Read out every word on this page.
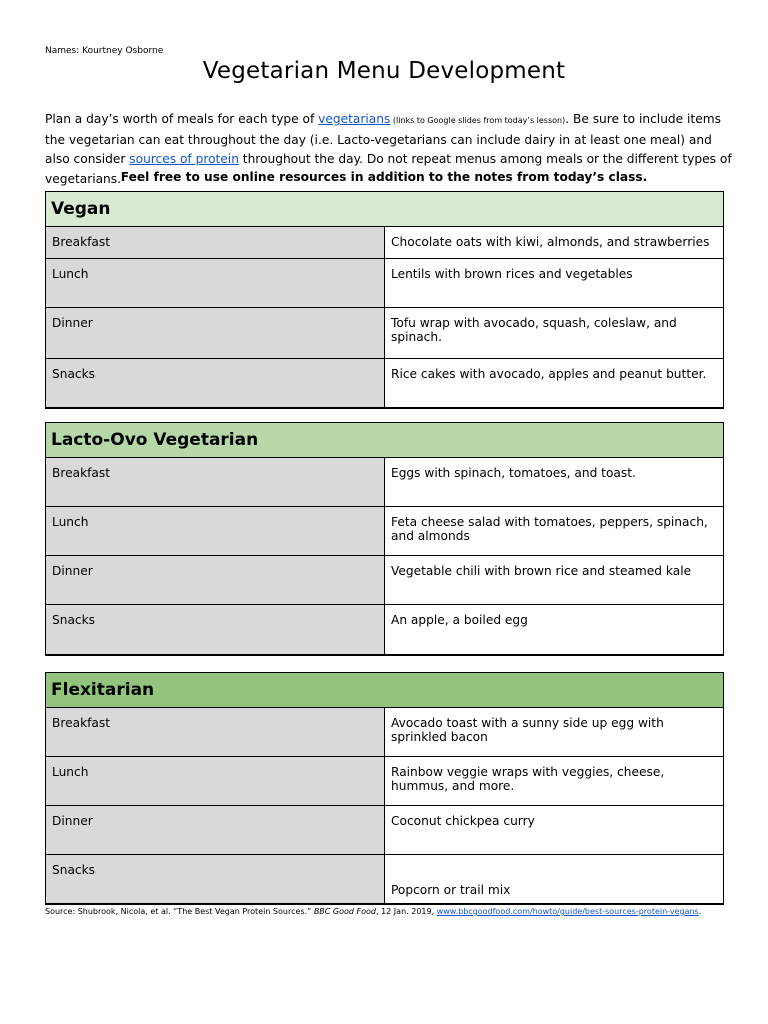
Names: Kourtney Osborne
Vegetarian Menu Development
Plan a day’s worth of meals for each type of vegetarians (links to Google slides from today’s lesson). Be sure to include items the vegetarian can eat throughout the day (i.e. Lacto-vegetarians can include dairy in at least one meal) and also consider sources of protein throughout the day. Do not repeat menus among meals or the different types of vegetarians. Feel free to use online resources in addition to the notes from today’s class.
Vegan	
Breakfast	Chocolate oats with kiwi, almonds, and strawberries
Lunch	Lentils with brown rices and vegetables
Dinner	Tofu wrap with avocado, squash, coleslaw, and spinach.
Snacks	Rice cakes with avocado, apples and peanut butter.
Lacto-Ovo Vegetarian	
Breakfast	Eggs with spinach, tomatoes, and toast.
Lunch	Feta cheese salad with tomatoes, peppers, spinach, and almonds
Dinner	Vegetable chili with brown rice and steamed kale
Snacks	An apple, a boiled egg
Flexitarian	
Breakfast	Avocado toast with a sunny side up egg with sprinkled bacon
Lunch	Rainbow veggie wraps with veggies, cheese, hummus, and more.
Dinner	Coconut chickpea curry
Snacks	Popcorn or trail mix
Source: Shubrook, Nicola, et al. “The Best Vegan Protein Sources.” BBC Good Food, 12 Jan. 2019, www.bbcgoodfood.com/howto/guide/best-sources-protein-vegans.
